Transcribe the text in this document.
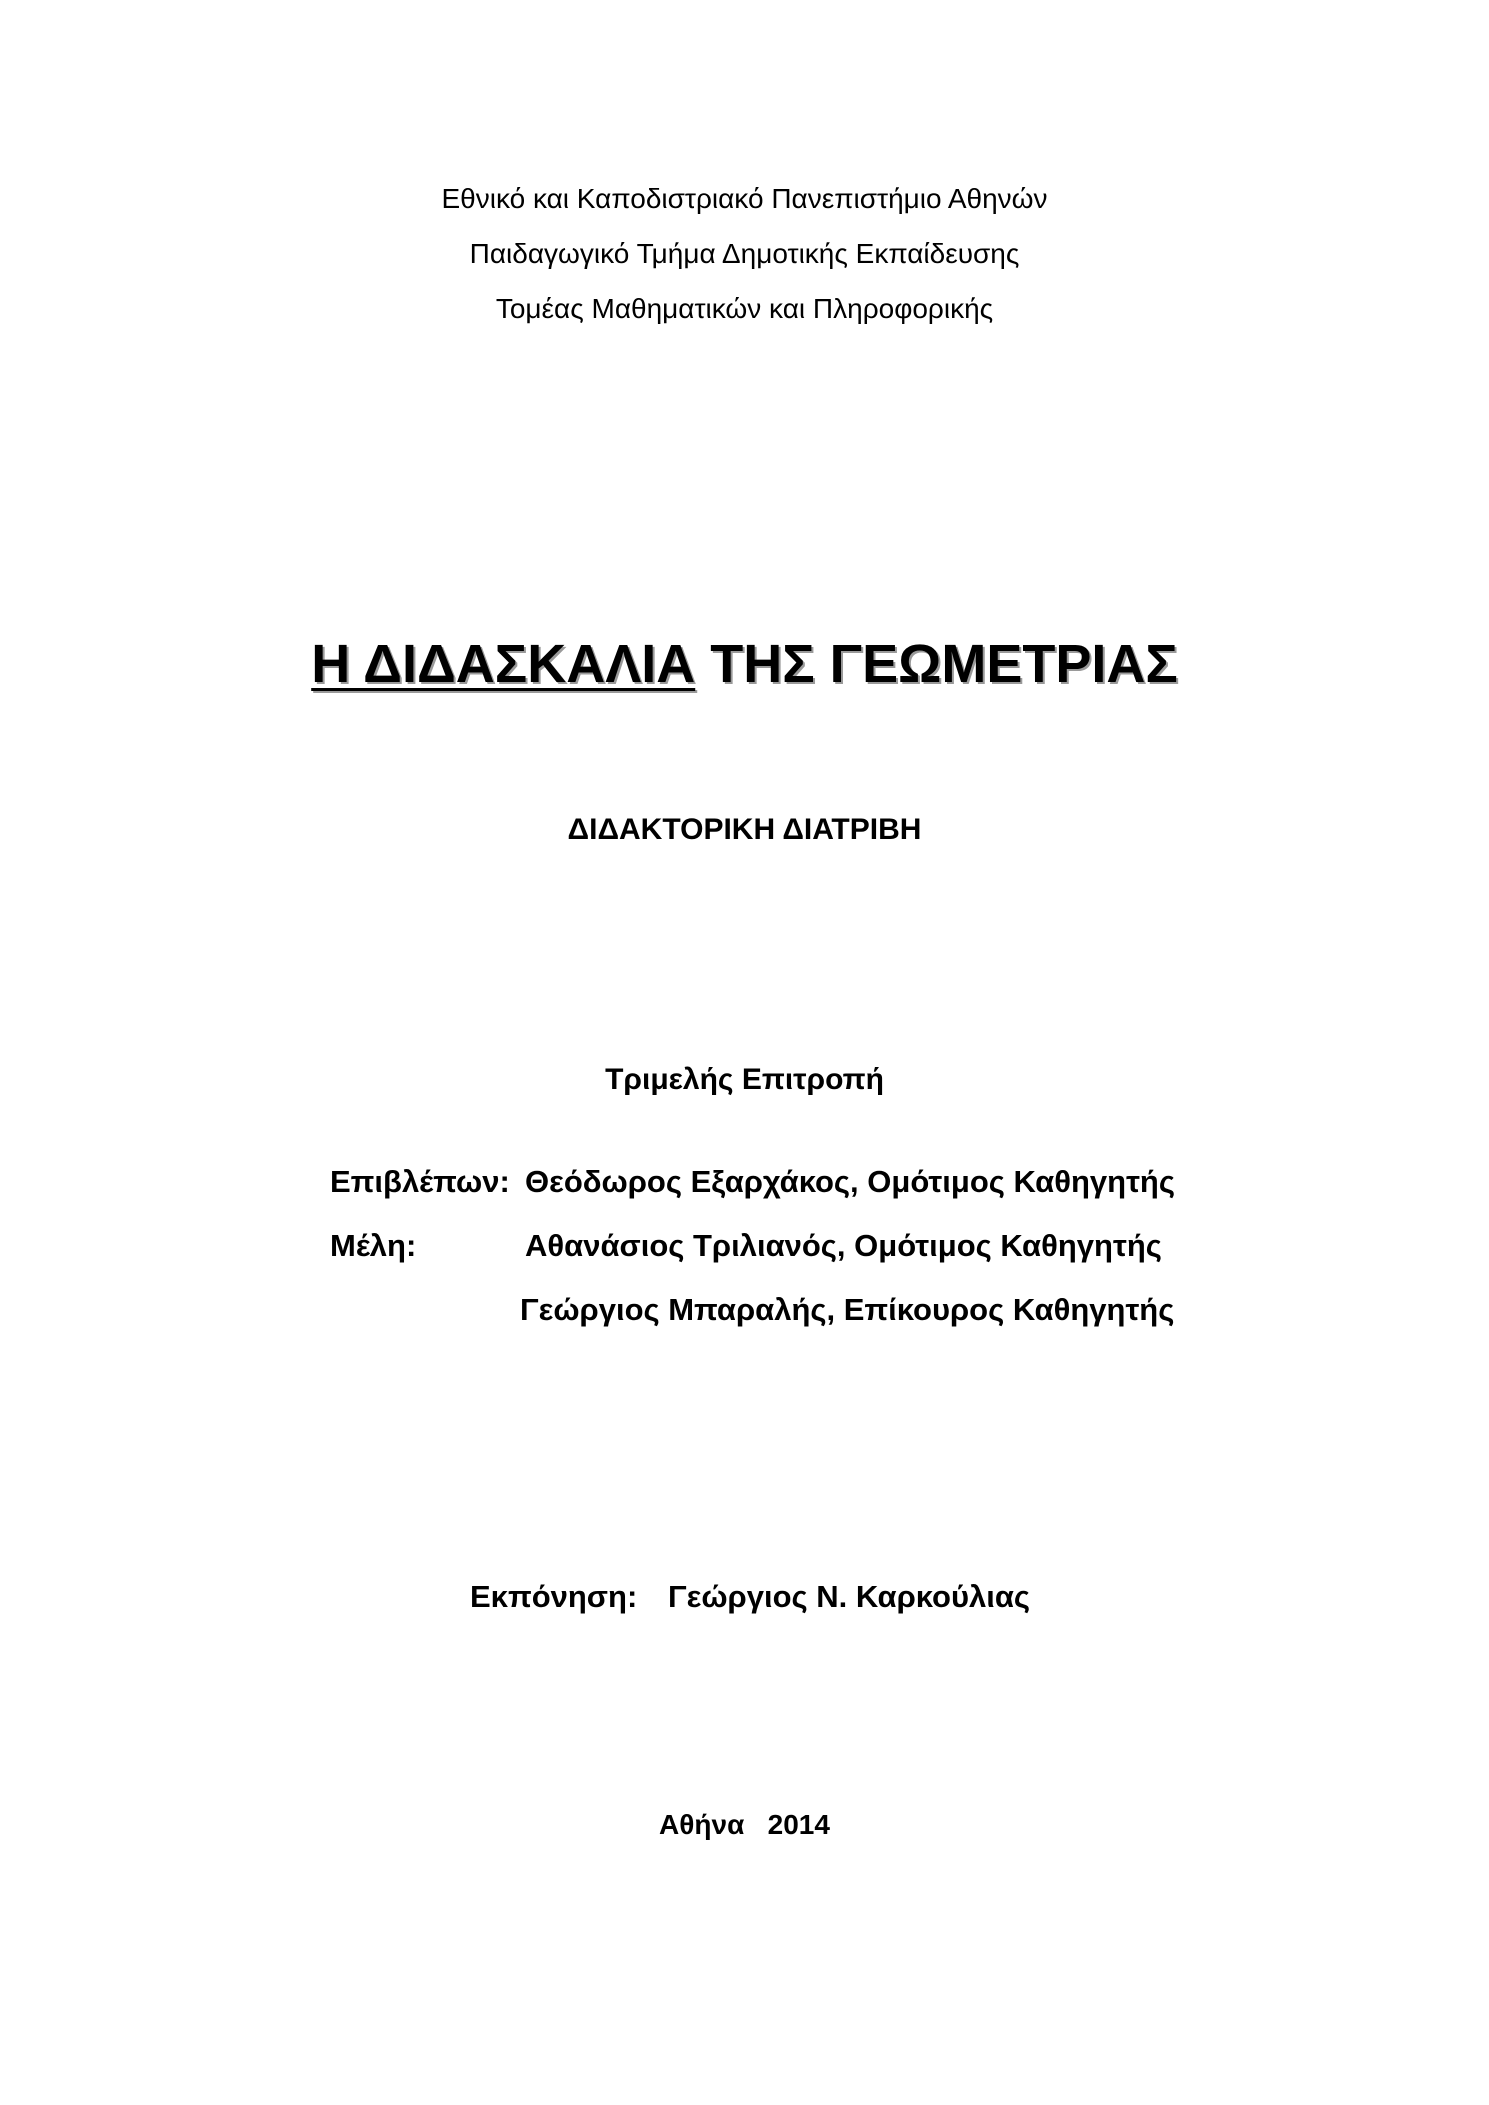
Εθνικό και Καποδιστριακό Πανεπιστήμιο Αθηνών
Παιδαγωγικό Τμήμα Δημοτικής Εκπαίδευσης
Τομέας Μαθηματικών και Πληροφορικής
Η ΔΙΔΑΣΚΑΛΙΑ ΤΗΣ ΓΕΩΜΕΤΡΙΑΣ
ΔΙΔΑΚΤΟΡΙΚΗ ΔΙΑΤΡΙΒΗ
Τριμελής Επιτροπή
Επιβλέπων: Θεόδωρος Εξαρχάκος, Ομότιμος Καθηγητής
Μέλη:	Αθανάσιος Τριλιανός, Ομότιμος Καθηγητής
Γεώργιος Μπαραλής, Επίκουρος Καθηγητής
Εκπόνηση: Γεώργιος Ν. Καρκούλιας
Αθήνα 2014
